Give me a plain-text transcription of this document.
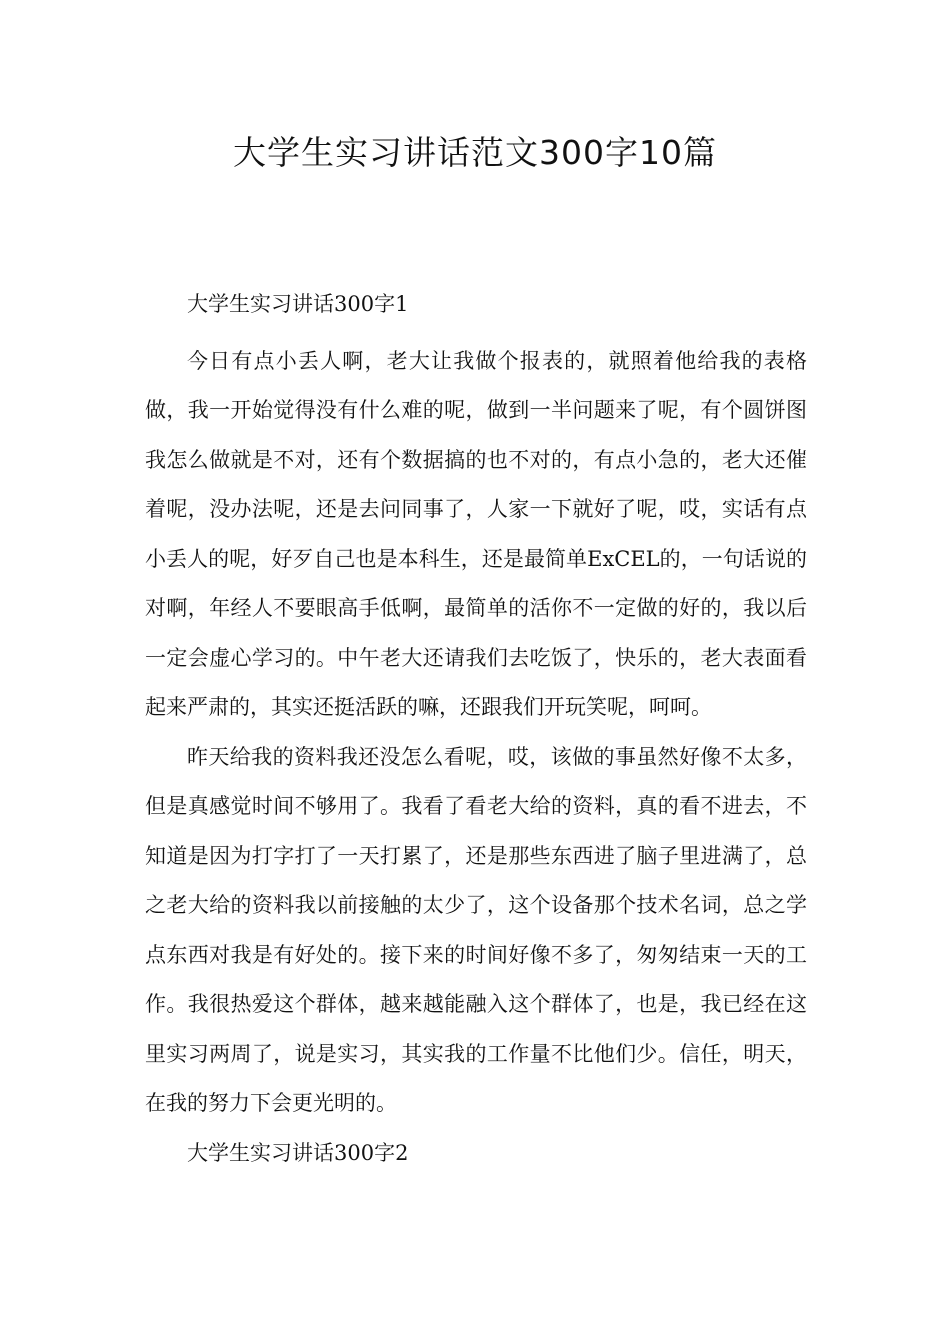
大学生实习讲话范文300字10篇

大学生实习讲话300字1

今日有点小丢人啊，老大让我做个报表的，就照着他给我的表格做，我一开始觉得没有什么难的呢，做到一半问题来了呢，有个圆饼图我怎么做就是不对，还有个数据搞的也不对的，有点小急的，老大还催着呢，没办法呢，还是去问同事了，人家一下就好了呢，哎，实话有点小丢人的呢，好歹自己也是本科生，还是最简单ExCEL的，一句话说的对啊，年经人不要眼高手低啊，最简单的活你不一定做的好的，我以后一定会虚心学习的。中午老大还请我们去吃饭了，快乐的，老大表面看起来严肃的，其实还挺活跃的嘛，还跟我们开玩笑呢，呵呵。

昨天给我的资料我还没怎么看呢，哎，该做的事虽然好像不太多，但是真感觉时间不够用了。我看了看老大给的资料，真的看不进去，不知道是因为打字打了一天打累了，还是那些东西进了脑子里进满了，总之老大给的资料我以前接触的太少了，这个设备那个技术名词，总之学点东西对我是有好处的。接下来的时间好像不多了，匆匆结束一天的工作。我很热爱这个群体，越来越能融入这个群体了，也是，我已经在这里实习两周了，说是实习，其实我的工作量不比他们少。信任，明天，在我的努力下会更光明的。

大学生实习讲话300字2
